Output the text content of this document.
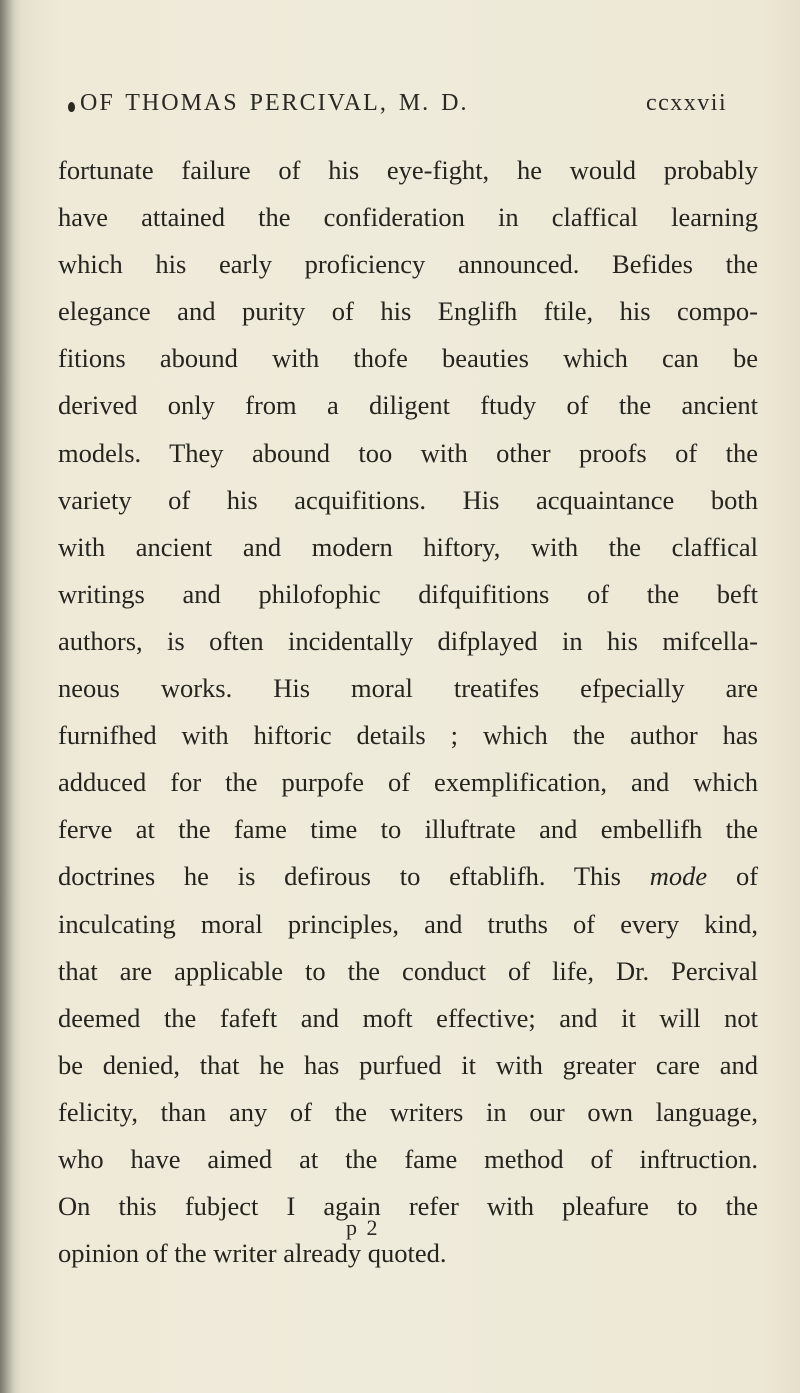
OF THOMAS PERCIVAL, M. D.	ccxxvii
fortunate failure of his eye-fight, he would probably
have attained the confideration in claffical learning
which his early proficiency announced. Befides the
elegance and purity of his Englifh ftile, his compo-
fitions abound with thofe beauties which can be
derived only from a diligent ftudy of the ancient
models. They abound too with other proofs of the
variety of his acquifitions. His acquaintance both
with ancient and modern hiftory, with the claffical
writings and philofophic difquifitions of the beft
authors, is often incidentally difplayed in his mifcella-
neous works. His moral treatifes efpecially are
furnifhed with hiftoric details ; which the author has
adduced for the purpofe of exemplification, and which
ferve at the fame time to illuftrate and embellifh the
doctrines he is defirous to eftablifh. This mode of
inculcating moral principles, and truths of every kind,
that are applicable to the conduct of life, Dr. Percival
deemed the fafeft and moft effective; and it will not
be denied, that he has purfued it with greater care and
felicity, than any of the writers in our own language,
who have aimed at the fame method of inftruction.
On this fubject I again refer with pleafure to the
opinion of the writer already quoted.
p 2
